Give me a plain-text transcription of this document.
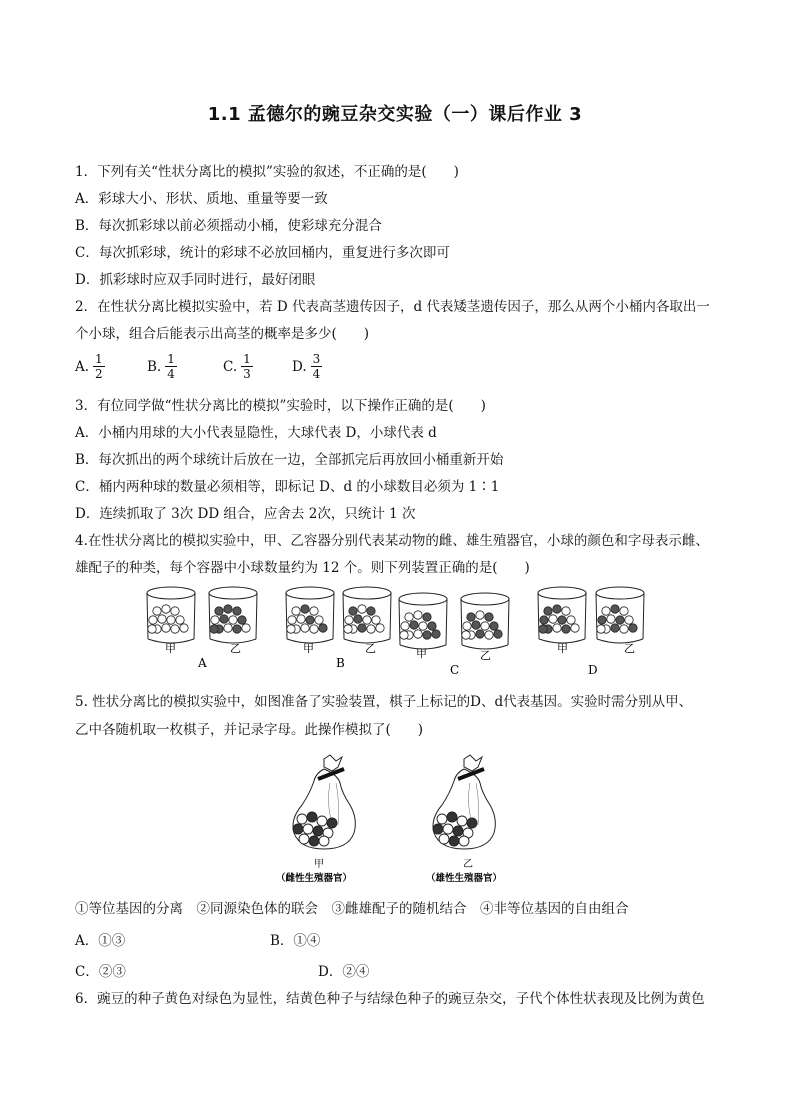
1.1 孟德尔的豌豆杂交实验（一）课后作业 3
1．下列有关“性状分离比的模拟”实验的叙述，不正确的是(　　)
A．彩球大小、形状、质地、重量等要一致
B．每次抓彩球以前必须摇动小桶，使彩球充分混合
C．每次抓彩球，统计的彩球不必放回桶内，重复进行多次即可
D．抓彩球时应双手同时进行，最好闭眼
2．在性状分离比模拟实验中，若 D 代表高茎遗传因子，d 代表矮茎遗传因子，那么从两个小桶内各取出一
个小球，组合后能表示出高茎的概率是多少(　　)
A. $\frac{1}{2}$	B. $\frac{1}{4}$	C. $\frac{1}{3}$	D. $\frac{3}{4}$
3．有位同学做“性状分离比的模拟”实验时，以下操作正确的是(　　)
A．小桶内用球的大小代表显隐性，大球代表 D，小球代表 d
B．每次抓出的两个球统计后放在一边，全部抓完后再放回小桶重新开始
C．桶内两种球的数量必须相等，即标记 D、d 的小球数目必须为 1∶1
D．连续抓取了 3次 DD 组合，应舍去 2次，只统计 1 次
4.在性状分离比的模拟实验中，甲、乙容器分别代表某动物的雌、雄生殖器官，小球的颜色和字母表示雌、
雄配子的种类，每个容器中小球数量约为 12 个。则下列装置正确的是(　　)
甲	乙
A
甲	乙
B
甲	乙
C
甲	乙
D
5. 性状分离比的模拟实验中，如图准备了实验装置，棋子上标记的D、d代表基因。实验时需分别从甲、
乙中各随机取一枚棋子，并记录字母。此操作模拟了(　　)
甲
（雌性生殖器官）
乙
（雄性生殖器官）
①等位基因的分离　②同源染色体的联会　③雌雄配子的随机结合　④非等位基因的自由组合
A．①③	B．①④
C．②③	D．②④
6．豌豆的种子黄色对绿色为显性，结黄色种子与结绿色种子的豌豆杂交，子代个体性状表现及比例为黄色
